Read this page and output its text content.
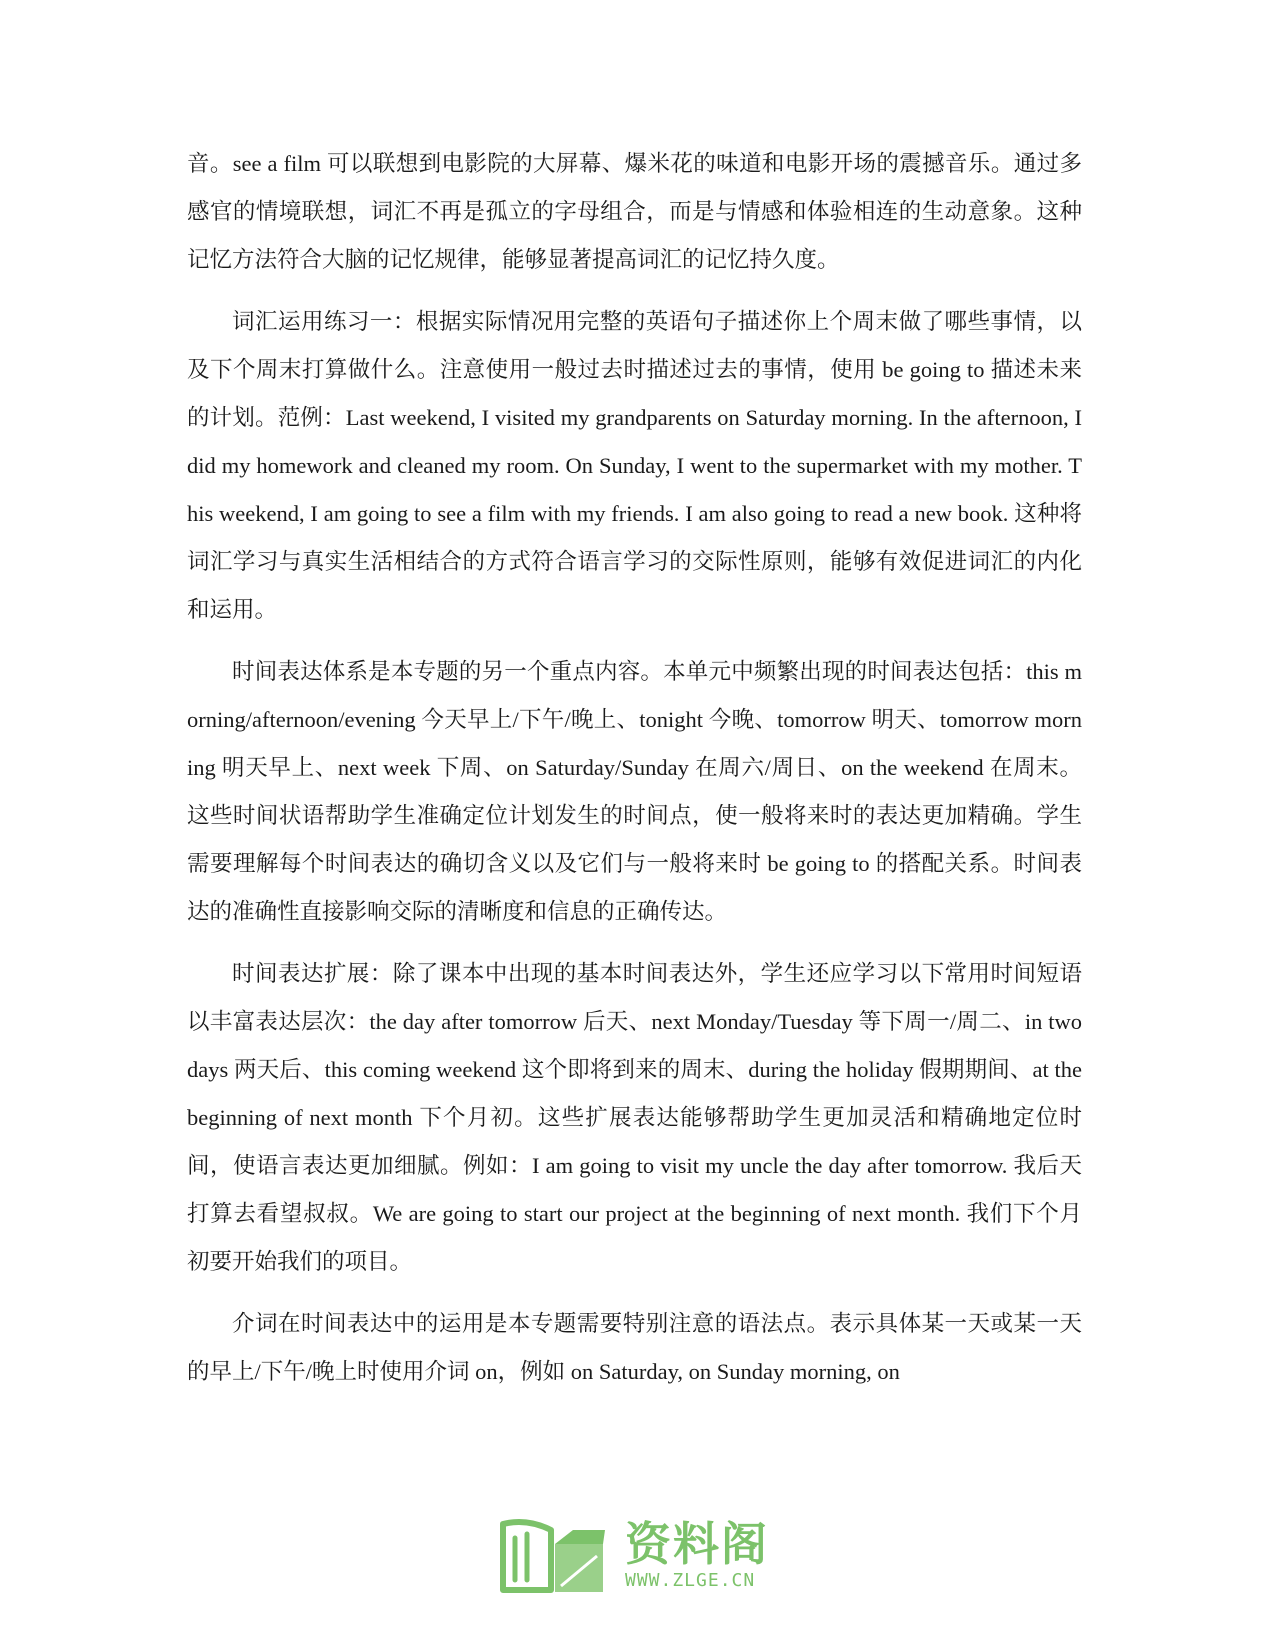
音。see a film 可以联想到电影院的大屏幕、爆米花的味道和电影开场的震撼音乐。通过多感官的情境联想，词汇不再是孤立的字母组合，而是与情感和体验相连的生动意象。这种记忆方法符合大脑的记忆规律，能够显著提高词汇的记忆持久度。

词汇运用练习一：根据实际情况用完整的英语句子描述你上个周末做了哪些事情，以及下个周末打算做什么。注意使用一般过去时描述过去的事情，使用 be going to 描述未来的计划。范例：Last weekend, I visited my grandparents on Saturday morning. In the afternoon, I did my homework and cleaned my room. On Sunday, I went to the supermarket with my mother. This weekend, I am going to see a film with my friends. I am also going to read a new book. 这种将词汇学习与真实生活相结合的方式符合语言学习的交际性原则，能够有效促进词汇的内化和运用。

时间表达体系是本专题的另一个重点内容。本单元中频繁出现的时间表达包括：this morning/afternoon/evening 今天早上/下午/晚上、tonight 今晚、tomorrow 明天、tomorrow morning 明天早上、next week 下周、on Saturday/Sunday 在周六/周日、on the weekend 在周末。这些时间状语帮助学生准确定位计划发生的时间点，使一般将来时的表达更加精确。学生需要理解每个时间表达的确切含义以及它们与一般将来时 be going to 的搭配关系。时间表达的准确性直接影响交际的清晰度和信息的正确传达。

时间表达扩展：除了课本中出现的基本时间表达外，学生还应学习以下常用时间短语以丰富表达层次：the day after tomorrow 后天、next Monday/Tuesday 等下周一/周二、in two days 两天后、this coming weekend 这个即将到来的周末、during the holiday 假期期间、at the beginning of next month 下个月初。这些扩展表达能够帮助学生更加灵活和精确地定位时间，使语言表达更加细腻。例如：I am going to visit my uncle the day after tomorrow. 我后天打算去看望叔叔。We are going to start our project at the beginning of next month. 我们下个月初要开始我们的项目。

介词在时间表达中的运用是本专题需要特别注意的语法点。表示具体某一天或某一天的早上/下午/晚上时使用介词 on，例如 on Saturday, on Sunday morning, on

资料阁
WWW.ZLGE.CN
